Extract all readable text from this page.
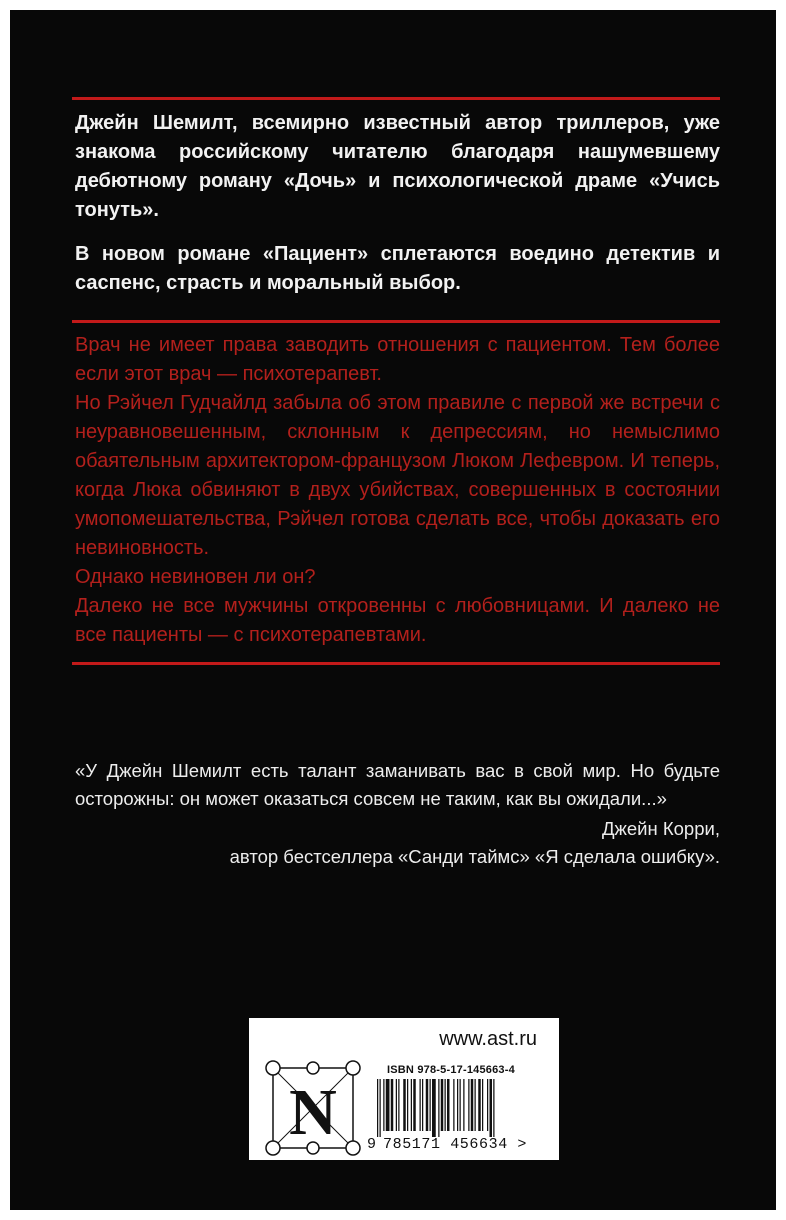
Джейн Шемилт, всемирно известный автор триллеров, уже знакома российскому читателю благодаря нашумевшему дебютному роману «Дочь» и психологической драме «Учись тонуть».

В новом романе «Пациент» сплетаются воедино детектив и саспенс, страсть и моральный выбор.

Врач не имеет права заводить отношения с пациентом. Тем более если этот врач — психотерапевт.

Но Рэйчел Гудчайлд забыла об этом правиле с первой же встречи с неуравновешенным, склонным к депрессиям, но немыслимо обаятельным архитектором-французом Люком Лефевром. И теперь, когда Люка обвиняют в двух убийствах, совершенных в состоянии умопомешательства, Рэйчел готова сделать все, чтобы доказать его невиновность.

Однако невиновен ли он?

Далеко не все мужчины откровенны с любовницами. И далеко не все пациенты — с психотерапевтами.

«У Джейн Шемилт есть талант заманивать вас в свой мир. Но будьте осторожны: он может оказаться совсем не таким, как вы ожидали...»
Джейн Корри,
автор бестселлера «Санди таймс» «Я сделала ошибку».
www.ast.ru
N
ISBN 978-5-17-145663-4
9 785171 456634 >
